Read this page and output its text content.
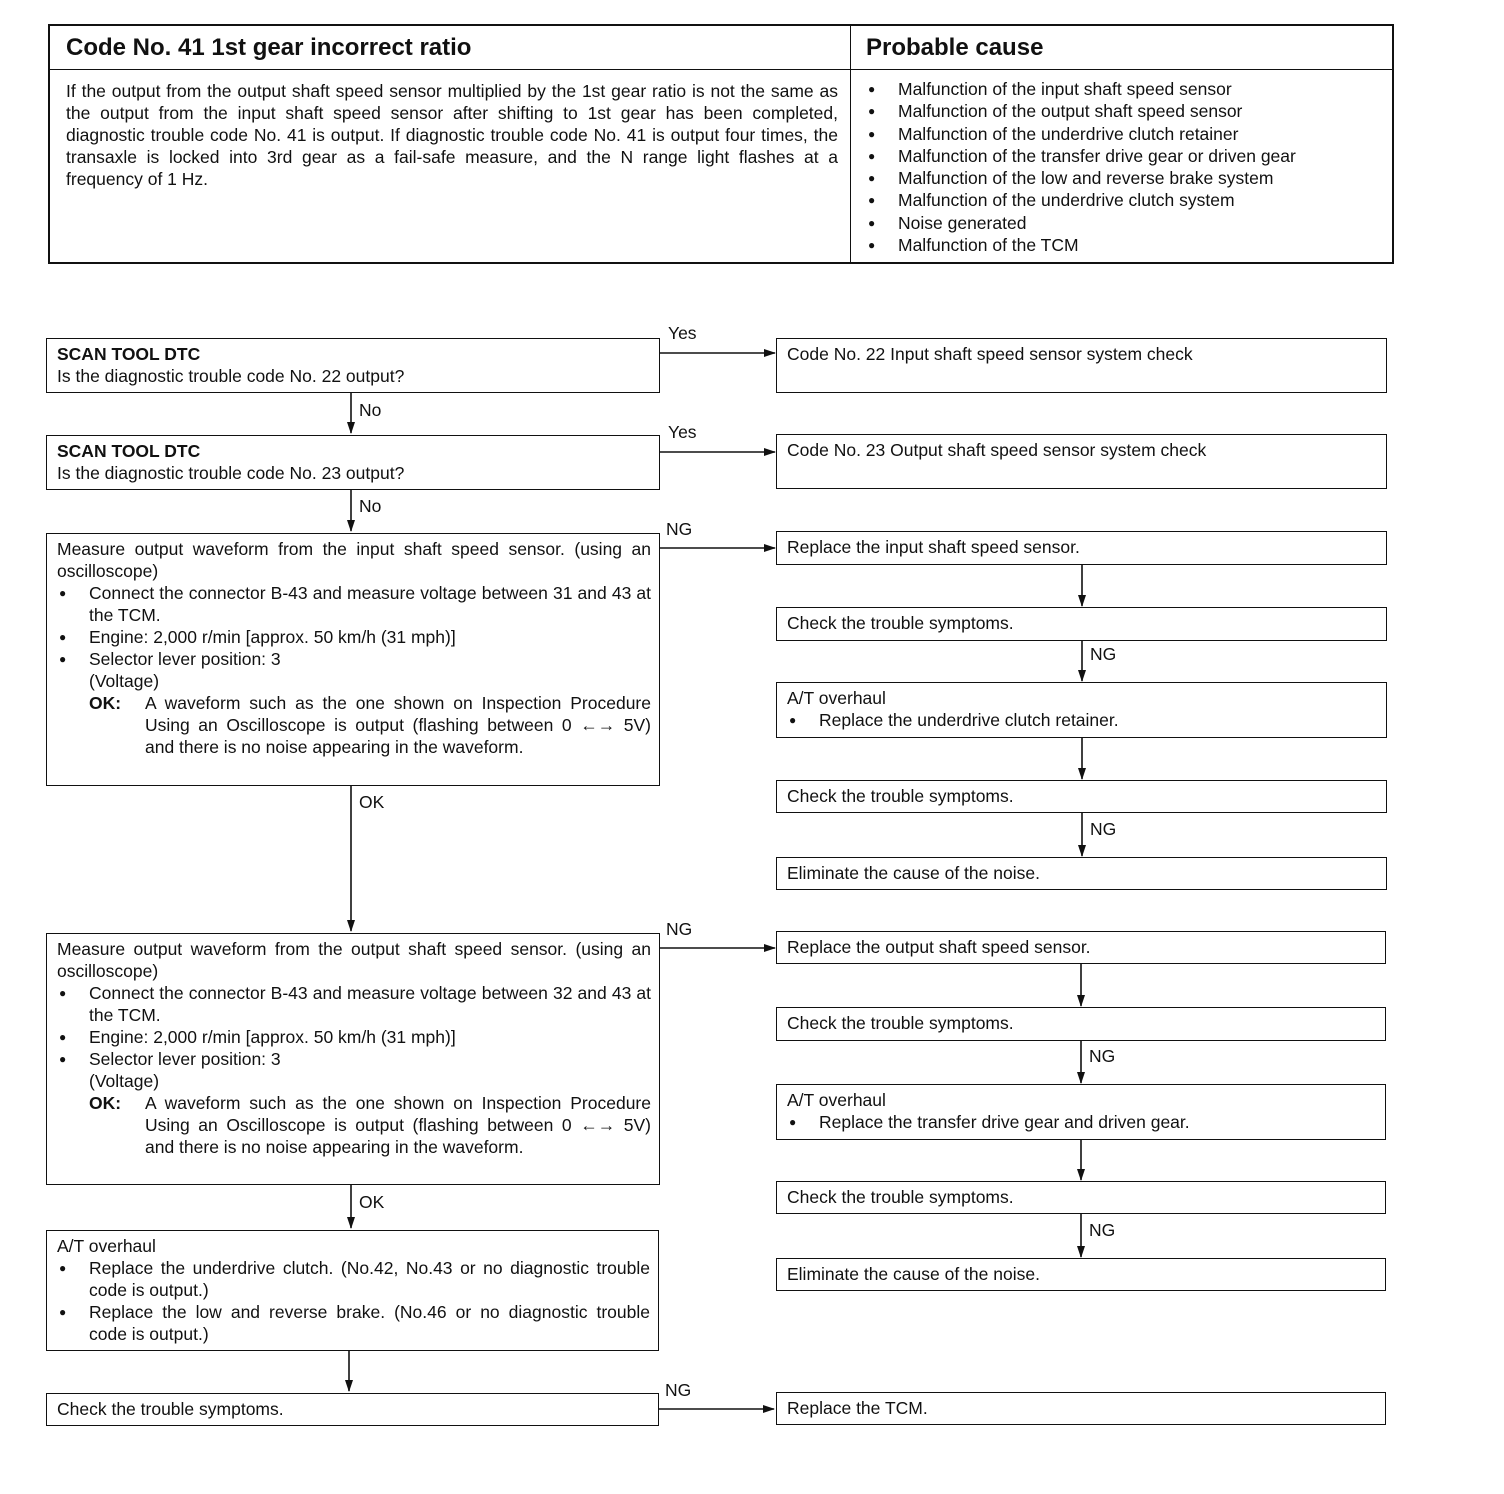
Code No. 41 1st gear incorrect ratio	Probable cause
If the output from the output shaft speed sensor multiplied by the 1st gear ratio is not the same as the output from the input shaft speed sensor after shifting to 1st gear has been completed, diagnostic trouble code No. 41 is output. If diagnostic trouble code No. 41 is output four times, the transaxle is locked into 3rd gear as a fail-safe measure, and the N range light flashes at a frequency of 1 Hz.
● Malfunction of the input shaft speed sensor
● Malfunction of the output shaft speed sensor
● Malfunction of the underdrive clutch retainer
● Malfunction of the transfer drive gear or driven gear
● Malfunction of the low and reverse brake system
● Malfunction of the underdrive clutch system
● Noise generated
● Malfunction of the TCM
Yes
Yes
NG
NG
NG
No
No
OK
OK
NG
NG
NG
NG
SCAN TOOL DTC
Is the diagnostic trouble code No. 22 output?
SCAN TOOL DTC
Is the diagnostic trouble code No. 23 output?
Measure output waveform from the input shaft speed sensor. (using an oscilloscope)
● Connect the connector B-43 and measure voltage between 31 and 43 at the TCM.
● Engine: 2,000 r/min [approx. 50 km/h (31 mph)]
● Selector lever position: 3
(Voltage)
OK: A waveform such as the one shown on Inspection Procedure Using an Oscilloscope is output (flashing between 0 ←→ 5V) and there is no noise appearing in the waveform.
Measure output waveform from the output shaft speed sensor. (using an oscilloscope)
● Connect the connector B-43 and measure voltage between 32 and 43 at the TCM.
● Engine: 2,000 r/min [approx. 50 km/h (31 mph)]
● Selector lever position: 3
(Voltage)
OK: A waveform such as the one shown on Inspection Procedure Using an Oscilloscope is output (flashing between 0 ←→ 5V) and there is no noise appearing in the waveform.
A/T overhaul
● Replace the underdrive clutch. (No.42, No.43 or no diagnostic trouble code is output.)
● Replace the low and reverse brake. (No.46 or no diagnostic trouble code is output.)
Check the trouble symptoms.
Code No. 22 Input shaft speed sensor system check
Code No. 23 Output shaft speed sensor system check
Replace the input shaft speed sensor.
Check the trouble symptoms.
A/T overhaul
● Replace the underdrive clutch retainer.
Check the trouble symptoms.
Eliminate the cause of the noise.
Replace the output shaft speed sensor.
Check the trouble symptoms.
A/T overhaul
● Replace the transfer drive gear and driven gear.
Check the trouble symptoms.
Eliminate the cause of the noise.
Replace the TCM.
